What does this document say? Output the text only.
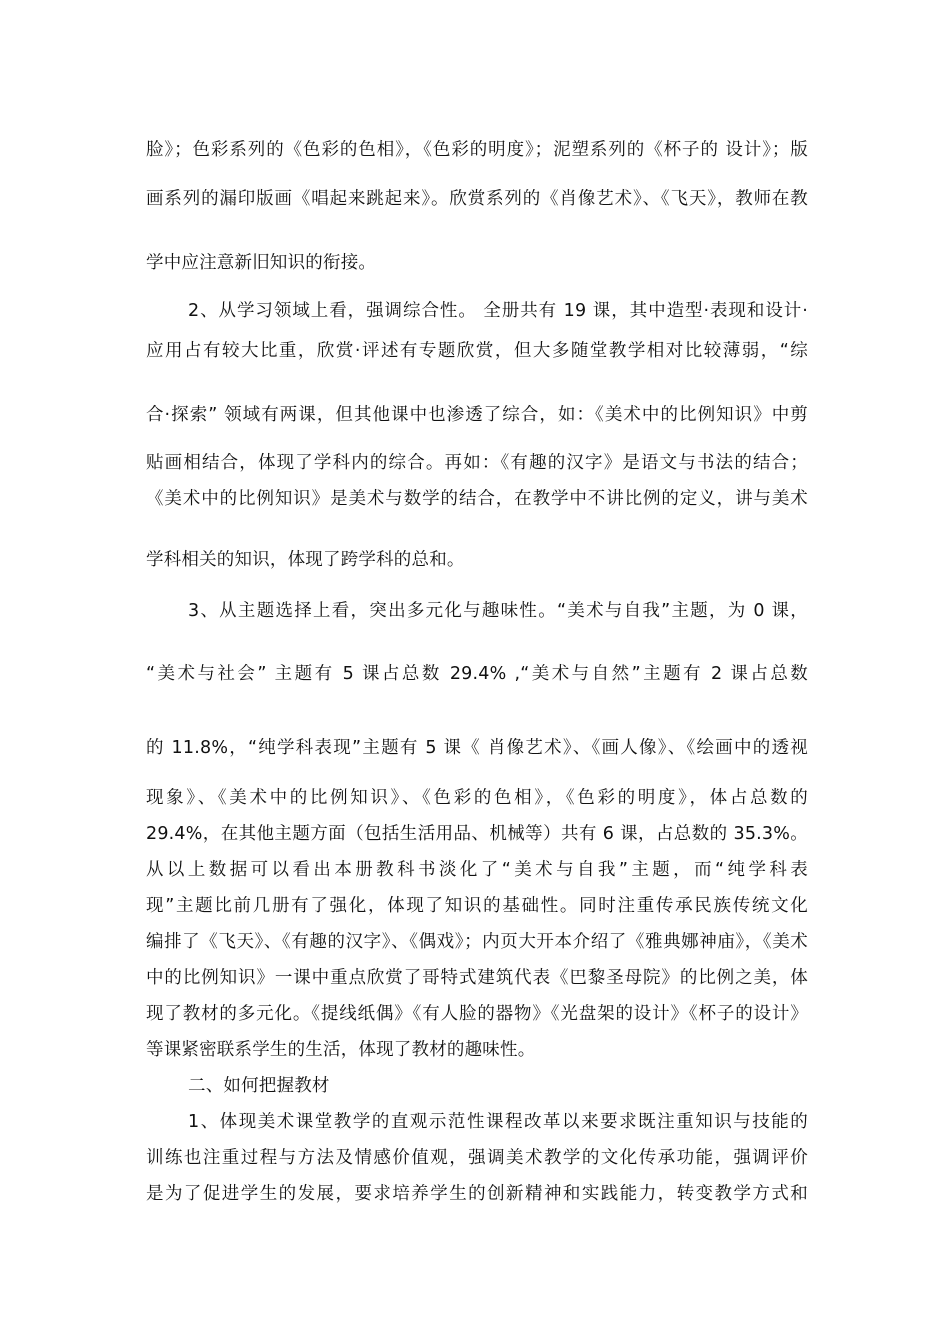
脸》；色彩系列的《色彩的色相》，《色彩的明度》；泥塑系列的《杯子的 设计》；版
画系列的漏印版画《唱起来跳起来》。欣赏系列的《肖像艺术》、《飞天》，教师在教
学中应注意新旧知识的衔接。
2、从学习领域上看，强调综合性。 全册共有 19 课，其中造型·表现和设计·
应用占有较大比重，欣赏·评述有专题欣赏，但大多随堂教学相对比较薄弱，“综
合·探索” 领域有两课，但其他课中也渗透了综合，如：《美术中的比例知识》中剪
贴画相结合，体现了学科内的综合。再如：《有趣的汉字》是语文与书法的结合；
《美术中的比例知识》是美术与数学的结合，在教学中不讲比例的定义，讲与美术
学科相关的知识，体现了跨学科的总和。
3、从主题选择上看，突出多元化与趣味性。“美术与自我”主题，为 0 课，
“美术与社会” 主题有 5 课占总数 29.4% ,“美术与自然”主题有 2 课占总数
的 11.8%，“纯学科表现”主题有 5 课《 肖像艺术》、《画人像》、《绘画中的透视
现象》、《美术中的比例知识》、《色彩的色相》，《色彩的明度》，体占总数的
29.4%，在其他主题方面（包括生活用品、机械等）共有 6 课，占总数的 35.3%。
从以上数据可以看出本册教科书淡化了“美术与自我”主题，而“纯学科表
现”主题比前几册有了强化，体现了知识的基础性。同时注重传承民族传统文化
编排了《飞天》、《有趣的汉字》、《偶戏》；内页大开本介绍了《雅典娜神庙》，《美术
中的比例知识》一课中重点欣赏了哥特式建筑代表《巴黎圣母院》的比例之美，体
现了教材的多元化。《提线纸偶》《有人脸的器物》《光盘架的设计》《杯子的设计》
等课紧密联系学生的生活，体现了教材的趣味性。
二、如何把握教材
1、体现美术课堂教学的直观示范性课程改革以来要求既注重知识与技能的
训练也注重过程与方法及情感价值观，强调美术教学的文化传承功能，强调评价
是为了促进学生的发展，要求培养学生的创新精神和实践能力，转变教学方式和
